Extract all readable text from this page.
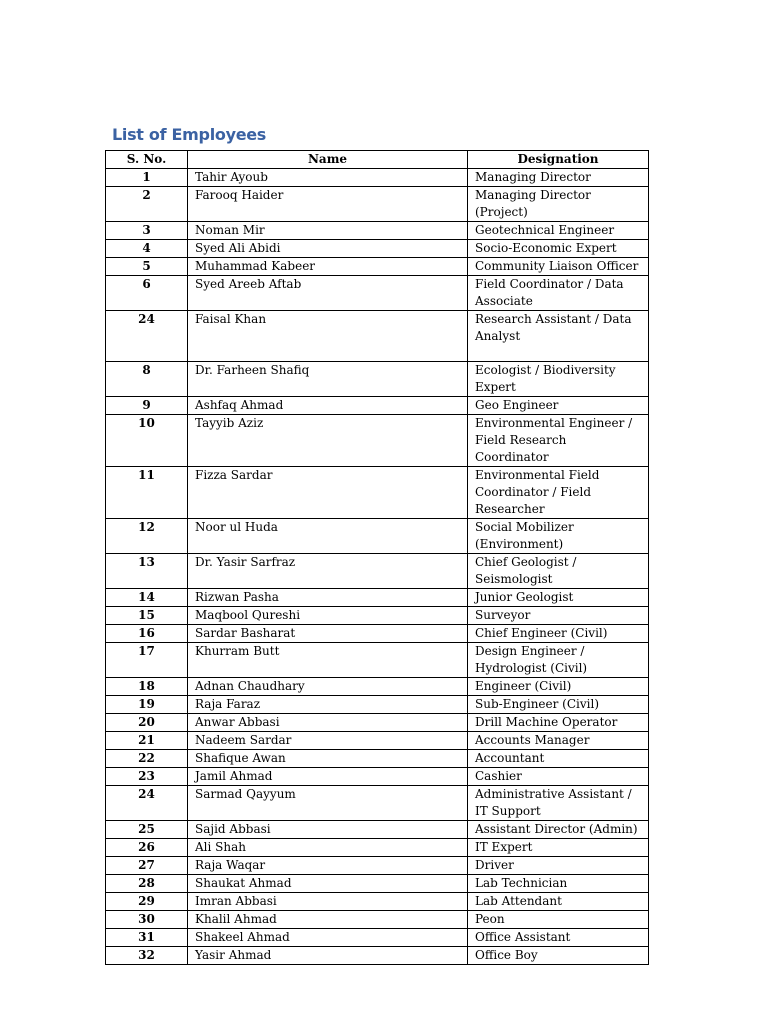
List of Employees
S. No.	Name	Designation
1	Tahir Ayoub	Managing Director
2	Farooq Haider	Managing Director (Project)
3	Noman Mir	Geotechnical Engineer
4	Syed Ali Abidi	Socio-Economic Expert
5	Muhammad Kabeer	Community Liaison Officer
6	Syed Areeb Aftab	Field Coordinator / Data
Associate
24	Faisal Khan	Research Assistant / Data
Analyst
8	Dr. Farheen Shafiq	Ecologist / Biodiversity
Expert
9	Ashfaq Ahmad	Geo Engineer
10	Tayyib Aziz	Environmental Engineer /
Field Research Coordinator
11	Fizza Sardar	Environmental Field
Coordinator / Field
Researcher
12	Noor ul Huda	Social Mobilizer
(Environment)
13	Dr. Yasir Sarfraz	Chief Geologist /
Seismologist
14	Rizwan Pasha	Junior Geologist
15	Maqbool Qureshi	Surveyor
16	Sardar Basharat	Chief Engineer (Civil)
17	Khurram Butt	Design Engineer /
Hydrologist (Civil)
18	Adnan Chaudhary	Engineer (Civil)
19	Raja Faraz	Sub-Engineer (Civil)
20	Anwar Abbasi	Drill Machine Operator
21	Nadeem Sardar	Accounts Manager
22	Shafique Awan	Accountant
23	Jamil Ahmad	Cashier
24	Sarmad Qayyum	Administrative Assistant /
IT Support
25	Sajid Abbasi	Assistant Director (Admin)
26	Ali Shah	IT Expert
27	Raja Waqar	Driver
28	Shaukat Ahmad	Lab Technician
29	Imran Abbasi	Lab Attendant
30	Khalil Ahmad	Peon
31	Shakeel Ahmad	Office Assistant
32	Yasir Ahmad	Office Boy
